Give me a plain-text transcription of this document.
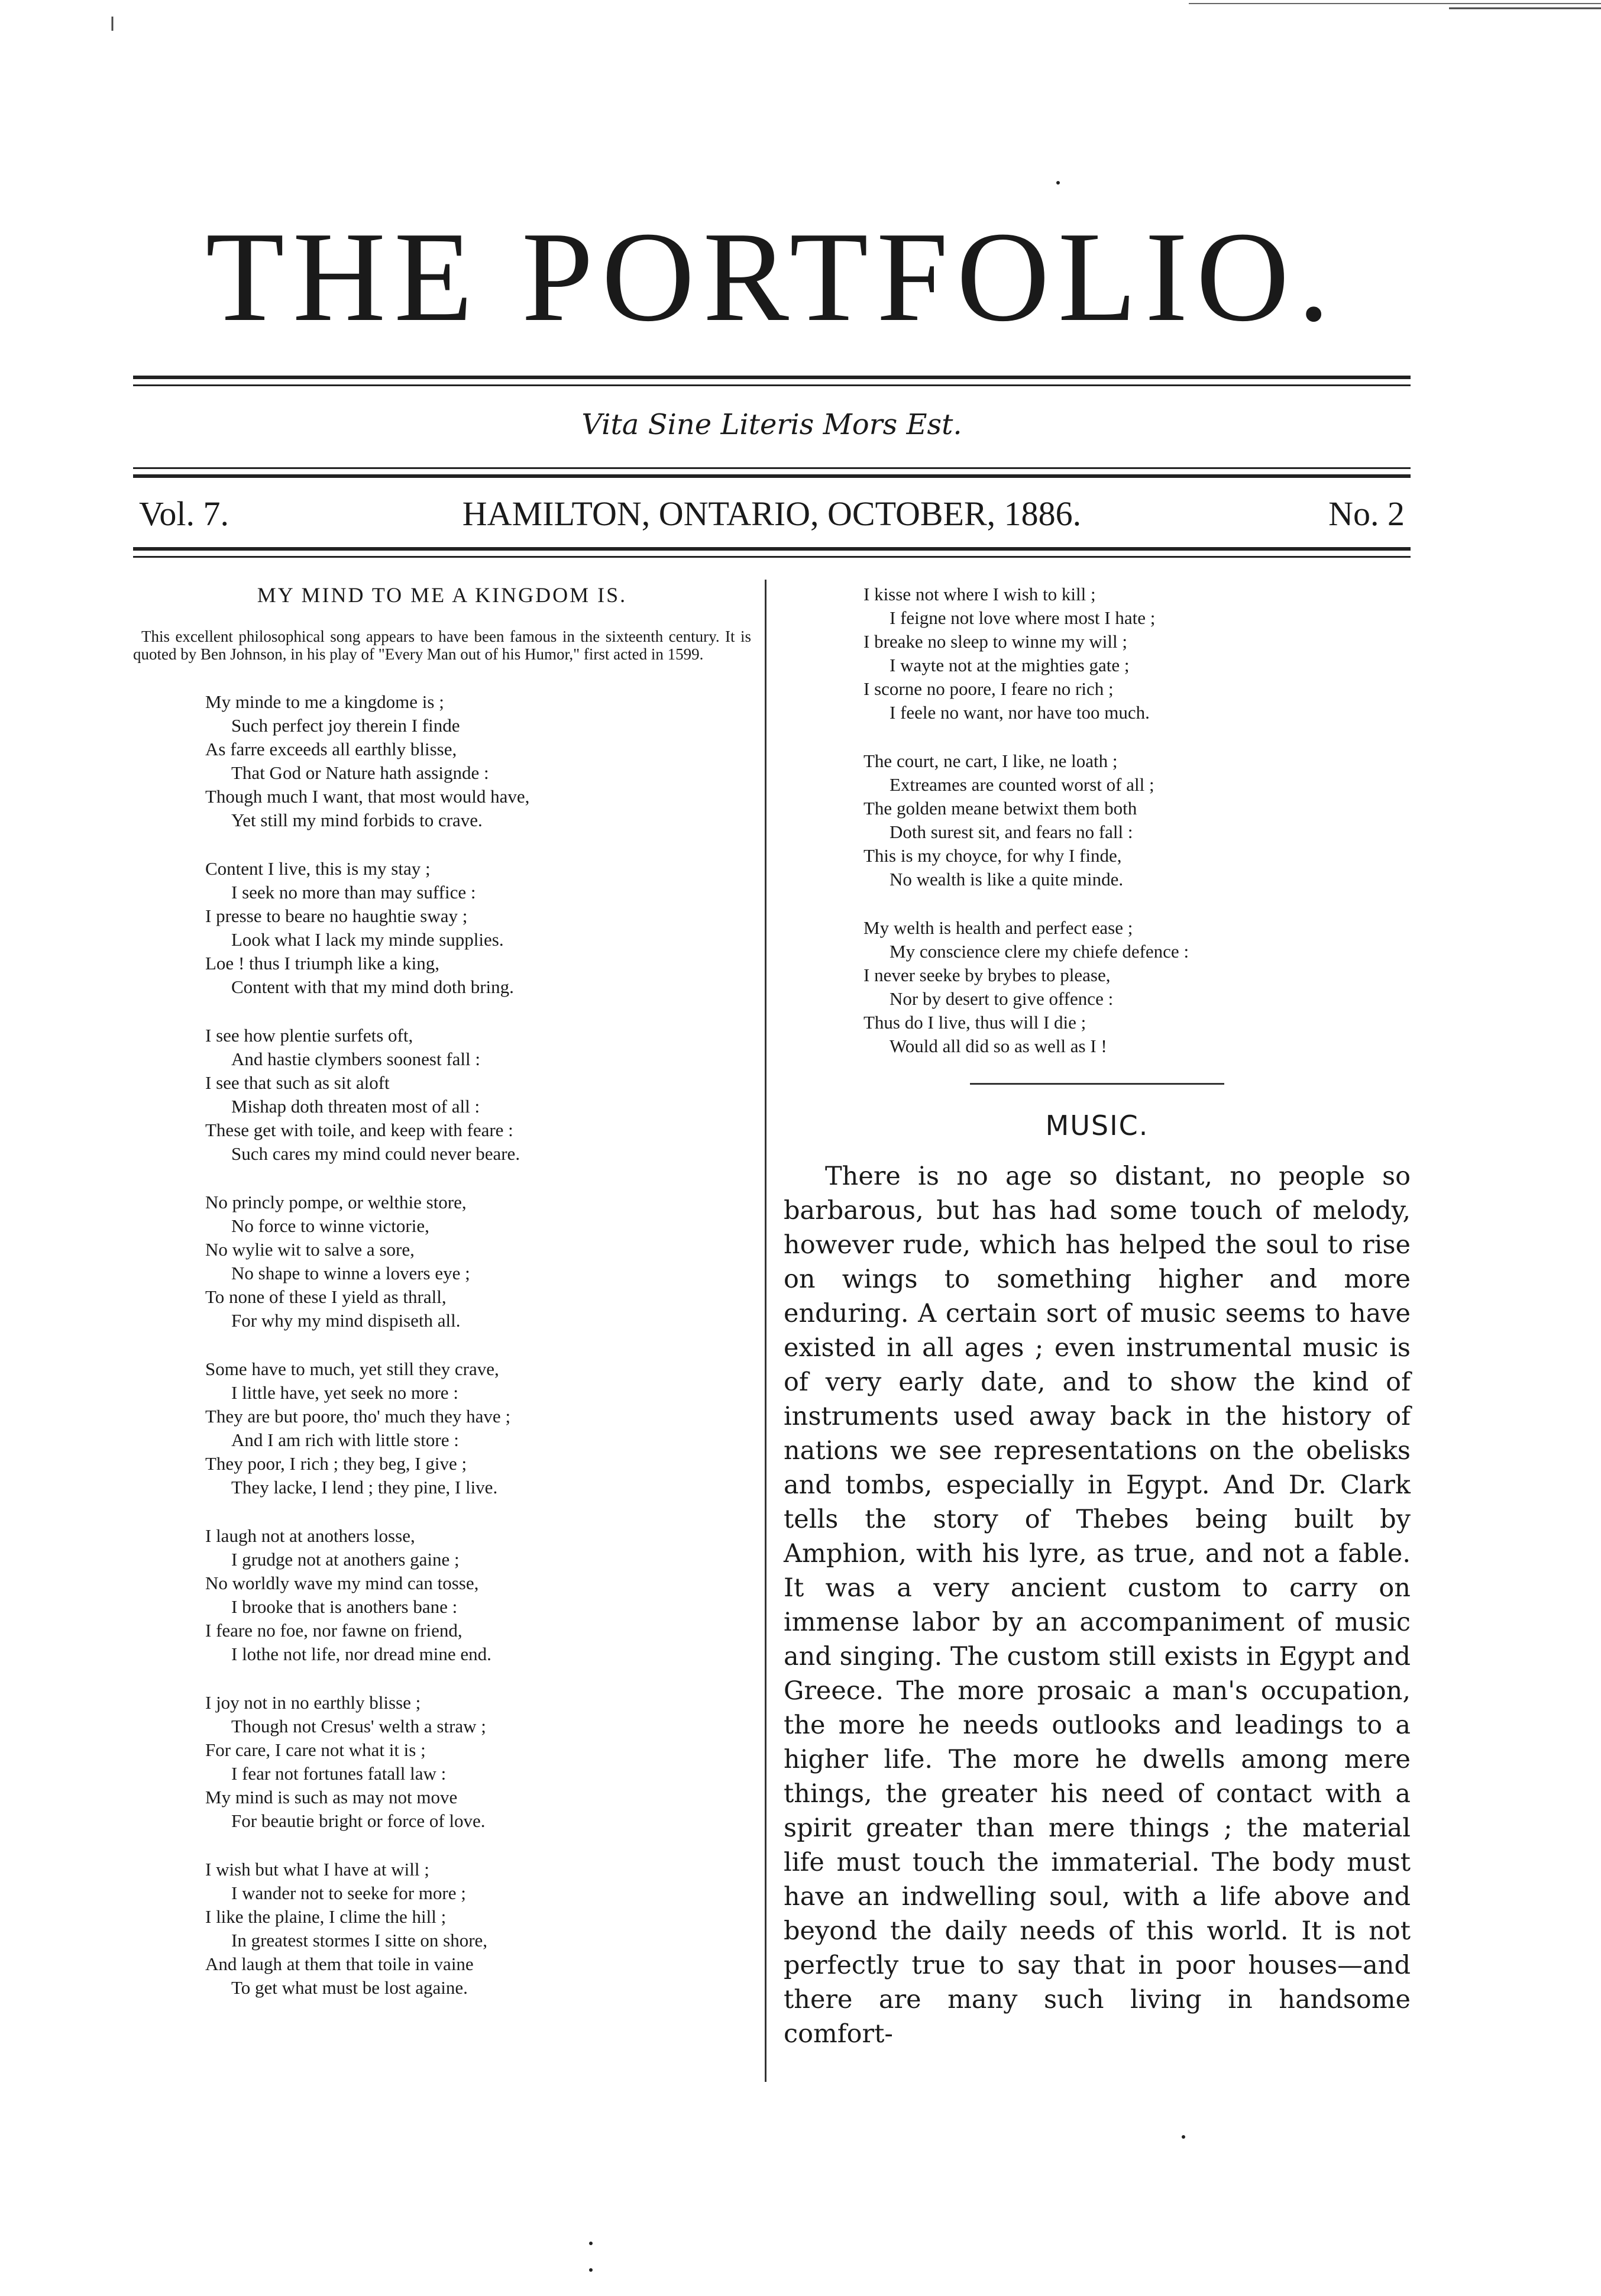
THE PORTFOLIO.
Vita Sine Literis Mors Est.
Vol. 7.	HAMILTON, ONTARIO, OCTOBER, 1886.	No. 2
MY MIND TO ME A KINGDOM IS.

This excellent philosophical song appears to have been famous in the sixteenth century. It is quoted by Ben Johnson, in his play of "Every Man out of his Humor," first acted in 1599.

My minde to me a kingdome is ;
Such perfect joy therein I finde
As farre exceeds all earthly blisse,
That God or Nature hath assignde :
Though much I want, that most would have,
Yet still my mind forbids to crave.
Content I live, this is my stay ;
I seek no more than may suffice :
I presse to beare no haughtie sway ;
Look what I lack my minde supplies.
Loe ! thus I triumph like a king,
Content with that my mind doth bring.
I see how plentie surfets oft,
And hastie clymbers soonest fall :
I see that such as sit aloft
Mishap doth threaten most of all :
These get with toile, and keep with feare :
Such cares my mind could never beare.
No princly pompe, or welthie store,
No force to winne victorie,
No wylie wit to salve a sore,
No shape to winne a lovers eye ;
To none of these I yield as thrall,
For why my mind dispiseth all.
Some have to much, yet still they crave,
I little have, yet seek no more :
They are but poore, tho' much they have ;
And I am rich with little store :
They poor, I rich ; they beg, I give ;
They lacke, I lend ; they pine, I live.
I laugh not at anothers losse,
I grudge not at anothers gaine ;
No worldly wave my mind can tosse,
I brooke that is anothers bane :
I feare no foe, nor fawne on friend,
I lothe not life, nor dread mine end.
I joy not in no earthly blisse ;
Though not Cresus' welth a straw ;
For care, I care not what it is ;
I fear not fortunes fatall law :
My mind is such as may not move
For beautie bright or force of love.
I wish but what I have at will ;
I wander not to seeke for more ;
I like the plaine, I clime the hill ;
In greatest stormes I sitte on shore,
And laugh at them that toile in vaine
To get what must be lost againe.
I kisse not where I wish to kill ;
I feigne not love where most I hate ;
I breake no sleep to winne my will ;
I wayte not at the mighties gate ;
I scorne no poore, I feare no rich ;
I feele no want, nor have too much.
The court, ne cart, I like, ne loath ;
Extreames are counted worst of all ;
The golden meane betwixt them both
Doth surest sit, and fears no fall :
This is my choyce, for why I finde,
No wealth is like a quite minde.
My welth is health and perfect ease ;
My conscience clere my chiefe defence :
I never seeke by brybes to please,
Nor by desert to give offence :
Thus do I live, thus will I die ;
Would all did so as well as I !
MUSIC.

There is no age so distant, no people so barbarous, but has had some touch of melody, however rude, which has helped the soul to rise on wings to something higher and more enduring. A certain sort of music seems to have existed in all ages ; even instrumental music is of very early date, and to show the kind of instruments used away back in the history of nations we see representations on the obelisks and tombs, especially in Egypt. And Dr. Clark tells the story of Thebes being built by Amphion, with his lyre, as true, and not a fable. It was a very ancient custom to carry on immense labor by an accompaniment of music and singing. The custom still exists in Egypt and Greece. The more prosaic a man's occupation, the more he needs outlooks and leadings to a higher life. The more he dwells among mere things, the greater his need of contact with a spirit greater than mere things ; the material life must touch the immaterial. The body must have an indwelling soul, with a life above and beyond the daily needs of this world. It is not perfectly true to say that in poor houses—and there are many such living in handsome comfort-
